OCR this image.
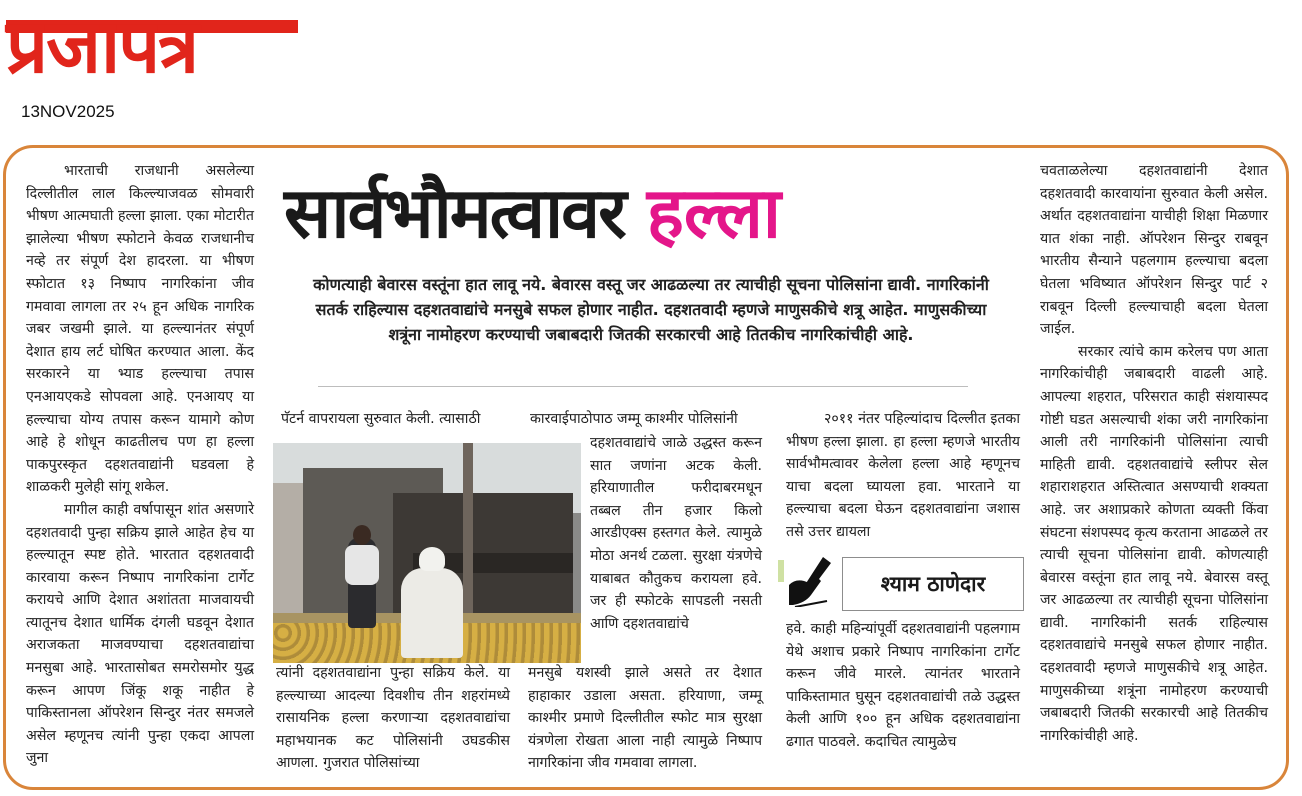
प्रजापत्र
13NOV2025

भारताची राजधानी असलेल्या दिल्लीतील लाल किल्ल्याजवळ सोमवारी भीषण आत्मघाती हल्ला झाला. एका मोटारीत झालेल्या भीषण स्फोटाने केवळ राजधानीच नव्हे तर संपूर्ण देश हादरला. या भीषण स्फोटात १३ निष्पाप नागरिकांना जीव गमवावा लागला तर २५ हून अधिक नागरिक जबर जखमी झाले. या हल्ल्यानंतर संपूर्ण देशात हाय लर्ट घोषित करण्यात आला. केंद सरकारने या भ्याड हल्ल्याचा तपास एनआयएकडे सोपवला आहे. एनआयए या हल्ल्याचा योग्य तपास करून यामागे कोण आहे हे शोधून काढतीलच पण हा हल्ला पाकपुरस्कृत दहशतवाद्यांनी घडवला हे शाळकरी मुलेही सांगू शकेल.

मागील काही वर्षापासून शांत असणारे दहशतवादी पुन्हा सक्रिय झाले आहेत हेच या हल्ल्यातून स्पष्ट होते. भारतात दहशतवादी कारवाया करून निष्पाप नागरिकांना टार्गेट करायचे आणि देशात अशांतता माजवायची त्यातूनच देशात धार्मिक दंगली घडवून देशात अराजकता माजवण्याचा दहशतवाद्यांचा मनसुबा आहे. भारतासोबत समरोसमोर युद्ध करून आपण जिंकू शकू नाहीत हे पाकिस्तानला ऑपरेशन सिन्दुर नंतर समजले असेल म्हणूनच त्यांनी पुन्हा एकदा आपला जुना

सार्वभौमत्वावर हल्ला
कोणत्याही बेवारस वस्तूंना हात लावू नये. बेवारस वस्तू जर आढळल्या तर त्याचीही सूचना पोलिसांना द्यावी. नागरिकांनी सतर्क राहिल्यास दहशतवाद्यांचे मनसुबे सफल होणार नाहीत. दहशतवादी म्हणजे माणुसकीचे शत्रू आहेत. माणुसकीच्या शत्रूंना नामोहरण करण्याची जबाबदारी जितकी सरकारची आहे तितकीच नागरिकांचीही आहे.
पॅटर्न वापरायला सुरुवात केली. त्यासाठी
त्यांनी दहशतवाद्यांना पुन्हा सक्रिय केले. या हल्ल्याच्या आदल्या दिवशीच तीन शहरांमध्ये रासायनिक हल्ला करणाऱ्या दहशतवाद्यांचा महाभयानक कट पोलिसांनी उघडकीस आणला. गुजरात पोलिसांच्या
कारवाईपाठोपाठ जम्मू काश्मीर पोलिसांनी
दहशतवाद्यांचे जाळे उद्धस्त करून सात जणांना अटक केली. हरियाणातील फरीदाबरमधून तब्बल तीन हजार किलो आरडीएक्स हस्तगत केले. त्यामुळे मोठा अनर्थ टळला. सुरक्षा यंत्रणेचे याबाबत कौतुकच करायला हवे. जर ही स्फोटके सापडली नसती आणि दहशतवाद्यांचे
मनसुबे यशस्वी झाले असते तर देशात हाहाकार उडाला असता. हरियाणा, जम्मू काश्मीर प्रमाणे दिल्लीतील स्फोट मात्र सुरक्षा यंत्रणेला रोखता आला नाही त्यामुळे निष्पाप नागरिकांना जीव गमवावा लागला.
२०११ नंतर पहिल्यांदाच दिल्लीत इतका भीषण हल्ला झाला. हा हल्ला म्हणजे भारतीय सार्वभौमत्वावर केलेला हल्ला आहे म्हणूनच याचा बदला घ्यायला हवा. भारताने या हल्ल्याचा बदला घेऊन दहशतवाद्यांना जशास तसे उत्तर द्यायला
श्याम ठाणेदार
हवे. काही महिन्यांपूर्वी दहशतवाद्यांनी पहलगाम येथे अशाच प्रकारे निष्पाप नागरिकांना टार्गेट करून जीवे मारले. त्यानंतर भारताने पाकिस्तामात घुसून दहशतवाद्यांची तळे उद्धस्त केली आणि १०० हून अधिक दहशतवाद्यांना ढगात पाठवले. कदाचित त्यामुळेच

चवताळलेल्या दहशतवाद्यांनी देशात दहशतवादी कारवायांना सुरुवात केली असेल. अर्थात दहशतवाद्यांना याचीही शिक्षा मिळणार यात शंका नाही. ऑपरेशन सिन्दुर राबवून भारतीय सैन्याने पहलगाम हल्ल्याचा बदला घेतला भविष्यात ऑपरेशन सिन्दुर पार्ट २ राबवून दिल्ली हल्ल्याचाही बदला घेतला जाईल.

सरकार त्यांचे काम करेलच पण आता नागरिकांचीही जबाबदारी वाढली आहे. आपल्या शहरात, परिसरात काही संशयास्पद गोष्टी घडत असल्याची शंका जरी नागरिकांना आली तरी नागरिकांनी पोलिसांना त्याची माहिती द्यावी. दहशतवाद्यांचे स्लीपर सेल शहाराशहरात अस्तित्वात असण्याची शक्यता आहे. जर अशाप्रकारे कोणता व्यक्ती किंवा संघटना संशपस्पद कृत्य करताना आढळले तर त्याची सूचना पोलिसांना द्यावी. कोणत्याही बेवारस वस्तूंना हात लावू नये. बेवारस वस्तू जर आढळल्या तर त्याचीही सूचना पोलिसांना द्यावी. नागरिकांनी सतर्क राहिल्यास दहशतवाद्यांचे मनसुबे सफल होणार नाहीत. दहशतवादी म्हणजे माणुसकीचे शत्रू आहेत. माणुसकीच्या शत्रूंना नामोहरण करण्याची जबाबदारी जितकी सरकारची आहे तितकीच नागरिकांचीही आहे.
